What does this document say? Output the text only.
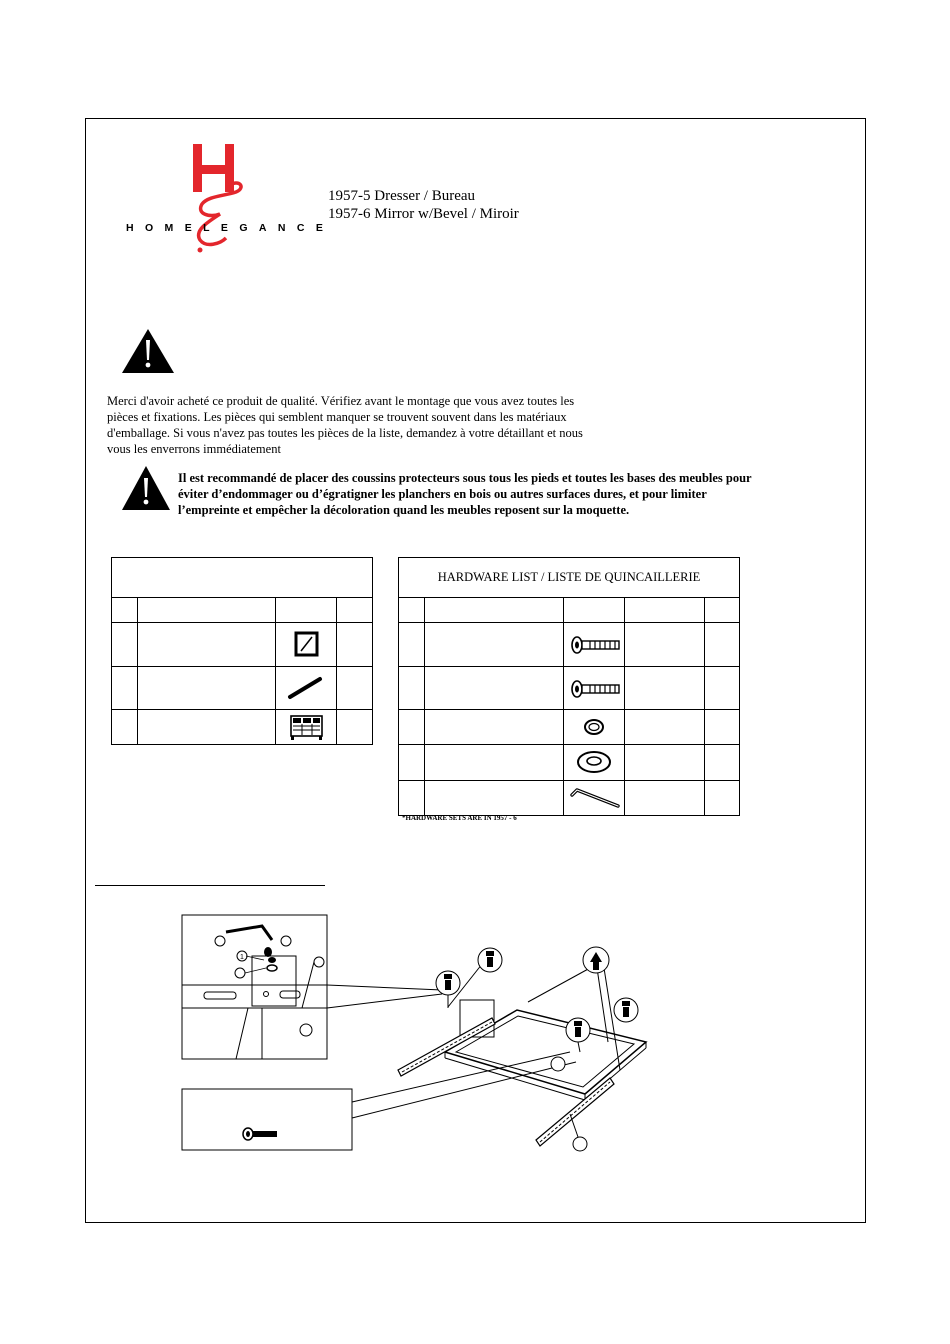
HOMELEGANCE
1957-5 Dresser / Bureau
1957-6 Mirror w/Bevel / Miroir
Merci d'avoir acheté ce produit de qualité. Vérifiez avant le montage que vous avez toutes les
pièces et fixations. Les pièces qui semblent manquer se trouvent souvent dans les matériaux
d'emballage. Si vous n'avez pas toutes les pièces de la liste, demandez à votre détaillant et nous
vous les enverrons immédiatement
Il est recommandé de placer des coussins protecteurs sous tous les pieds et toutes les bases des meubles pour
éviter d’endommager ou d’égratigner les planchers en bois ou autres surfaces dures, et pour limiter
l’empreinte et empêcher la décoloration quand les meubles reposent sur la moquette.

HARDWARE LIST / LISTE DE QUINCAILLERIE				

*HARDWARE SETS ARE IN 1957 - 6
1
